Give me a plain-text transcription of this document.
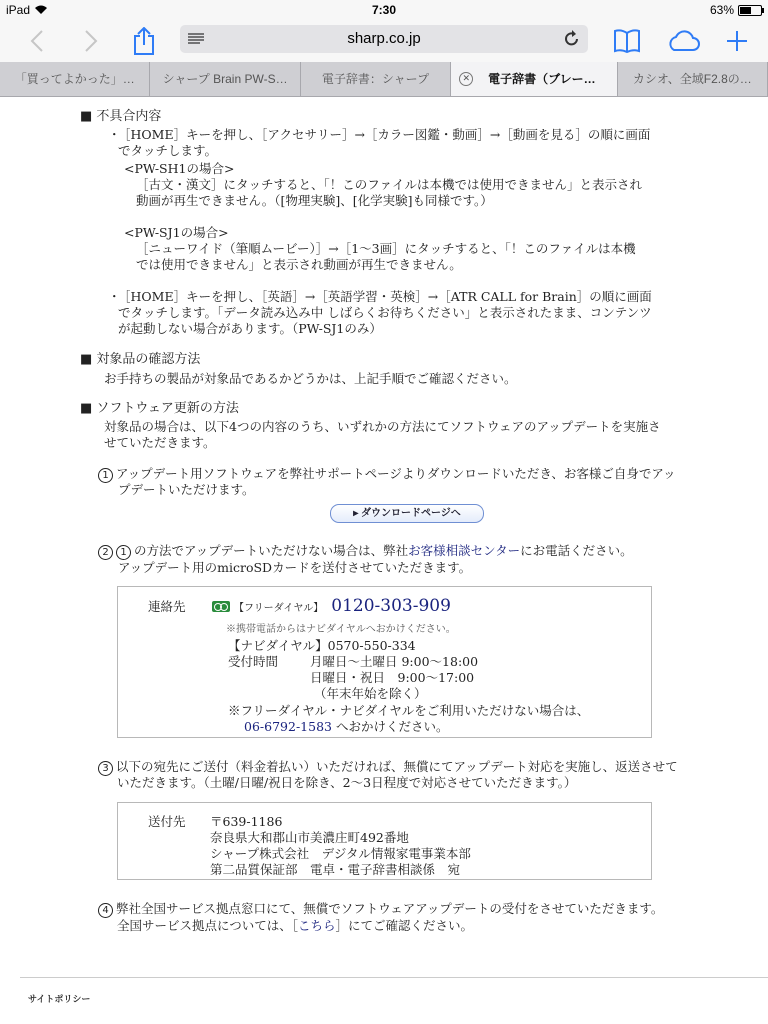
iPad	7:30	63%
sharp.co.jp
「買ってよかった」…	シャープ Brain PW-S…	電子辞書：シャープ	✕ 電子辞書（ブレー…	カシオ、全域F2.8の…
■ 不具合内容
・
［HOME］キーを押し、［アクセサリー］→［カラー図鑑・動画］→［動画を見る］の順に画面
でタッチします。
<PW-SH1の場合>
［古文・漢文］にタッチすると、「！このファイルは本機では使用できません」と表示され
動画が再生できません。（[物理実験]、[化学実験]も同様です。）
<PW-SJ1の場合>
［ニューワイド（筆順ムービー）］→［1〜3画］にタッチすると、「！このファイルは本機
では使用できません」と表示され動画が再生できません。
・
［HOME］キーを押し、［英語］→［英語学習・英検］→［ATR CALL for Brain］の順に画面
でタッチします。「データ読み込み中 しばらくお待ちください」と表示されたまま、コンテンツ
が起動しない場合があります。（PW-SJ1のみ）
■ 対象品の確認方法
お手持ちの製品が対象品であるかどうかは、上記手順でご確認ください。
■ ソフトウェア更新の方法
対象品の場合は、以下4つの内容のうち、いずれかの方法にてソフトウェアのアップデートを実施さ
せていただきます。
1 アップデート用ソフトウェアを弊社サポートページよりダウンロードいただき、お客様ご自身でアッ
プデートいただけます。
▸ ダウンロードページへ
2 1 の方法でアップデートいただけない場合は、弊社お客様相談センターにお電話ください。
アップデート用のmicroSDカードを送付させていただきます。
連絡先	【フリーダイヤル】 0120-303-909
※携帯電話からはナビダイヤルへおかけください。
【ナビダイヤル】0570-550-334
受付時間	月曜日〜土曜日 9:00〜18:00
日曜日・祝日　9:00〜17:00
（年末年始を除く）
※フリーダイヤル・ナビダイヤルをご利用いただけない場合は、
06-6792-1583 へおかけください。
3 以下の宛先にご送付（料金着払い）いただければ、無償にてアップデート対応を実施し、返送させて
いただきます。（土曜/日曜/祝日を除き、2〜3日程度で対応させていただきます。）
送付先 〒639-1186
奈良県大和郡山市美濃庄町492番地
シャープ株式会社　デジタル情報家電事業本部
第二品質保証部　電卓・電子辞書相談係　宛
4 弊社全国サービス拠点窓口にて、無償でソフトウェアアップデートの受付をさせていただきます。
全国サービス拠点については、［こちら］にてご確認ください。
サイトポリシー
